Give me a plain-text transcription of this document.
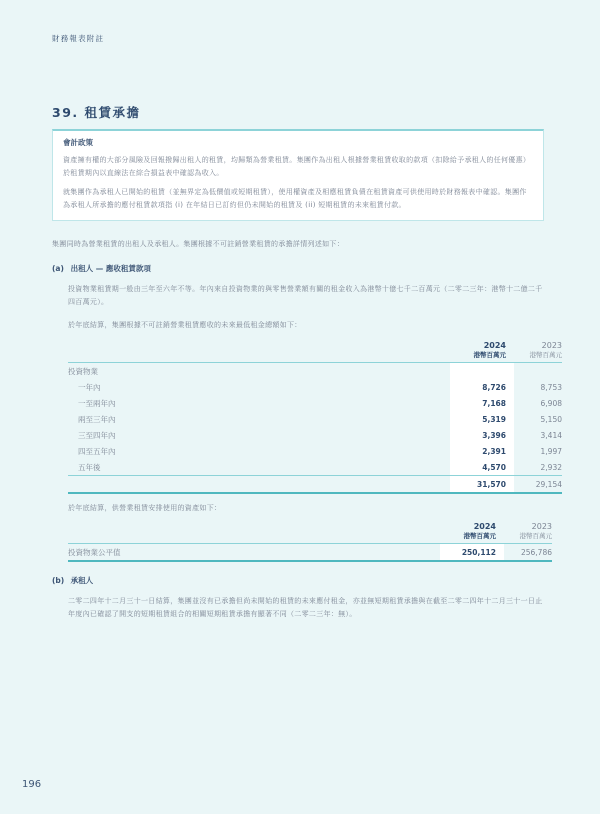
財務報表附註
39. 租賃承擔
會計政策

資產擁有權的大部分風險及回報撥歸出租人的租賃，均歸類為營業租賃。集團作為出租人根據營業租賃收取的款項（扣除給予承租人的任何優惠）於租賃期內以直線法在綜合損益表中確認為收入。

就集團作為承租人已開始的租賃（並無界定為低價值或短期租賃），使用權資產及相應租賃負債在租賃資產可供使用時於財務報表中確認。集團作為承租人所承擔的應付租賃款項指 (i) 在年結日已訂約但仍未開始的租賃及 (ii) 短期租賃的未來租賃付款。

集團同時為營業租賃的出租人及承租人。集團根據不可註銷營業租賃的承擔詳情列述如下：
(a) 出租人 — 應收租賃款項
投資物業租賃期一般由三年至六年不等。年內來自投資物業的與零售營業額有關的租金收入為港幣十億七千二百萬元（二零二三年：港幣十二億二千四百萬元）。
於年底結算，集團根據不可註銷營業租賃應收的未來最低租金總額如下：

2024
港幣百萬元

2023
港幣百萬元

投資物業		
一年內	8,726	8,753
一至兩年內	7,168	6,908
兩至三年內	5,319	5,150
三至四年內	3,396	3,414
四至五年內	2,391	1,997
五年後	4,570	2,932
	31,570	29,154
於年底結算，供營業租賃安排使用的資產如下：

2024
港幣百萬元

2023
港幣百萬元

投資物業公平值	250,112	256,786
(b) 承租人
二零二四年十二月三十一日結算，集團並沒有已承擔但尚未開始的租賃的未來應付租金，亦並無短期租賃承擔與在截至二零二四年十二月三十一日止年度內已確認了開支的短期租賃組合的相關短期租賃承擔有顯著不同（二零二三年：無）。
196
